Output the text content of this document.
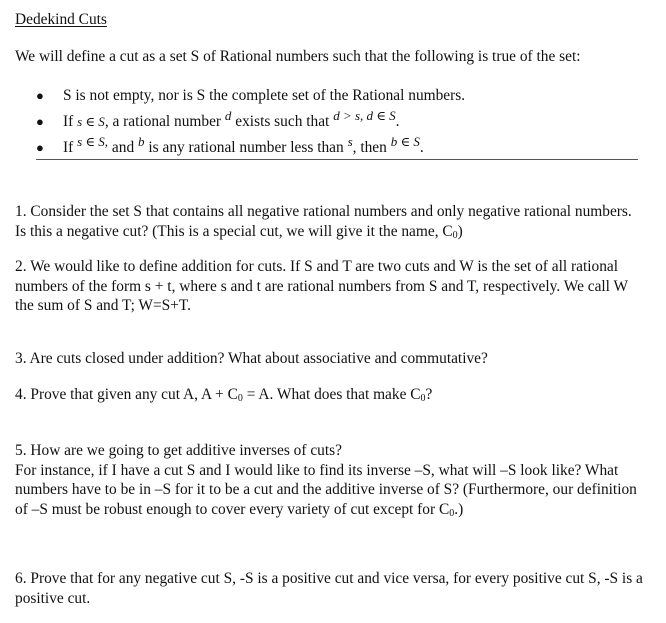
Dedekind Cuts
We will define a cut as a set S of Rational numbers such that the following is true of the set:
● S is not empty, nor is S the complete set of the Rational numbers.
● If s ∈ S, a rational number $^d$ exists such that $^{d > s, d \in S}$.
● If $^{s \in S,}$ and $^b$ is any rational number less than $^s$, then $^{b \in S}$.

1. Consider the set S that contains all negative rational numbers and only negative rational numbers. Is this a negative cut? (This is a special cut, we will give it the name, $C_0$)

2. We would like to define addition for cuts. If S and T are two cuts and W is the set of all rational numbers of the form s + t, where s and t are rational numbers from S and T, respectively. We call W the sum of S and T; W=S+T.

3. Are cuts closed under addition? What about associative and commutative?

4. Prove that given any cut A, $A + C_0 = A$. What does that make $C_0$?

5. How are we going to get additive inverses of cuts?

For instance, if I have a cut S and I would like to find its inverse –S, what will –S look like? What numbers have to be in –S for it to be a cut and the additive inverse of S? (Furthermore, our definition of –S must be robust enough to cover every variety of cut except for $C_0$.)

6. Prove that for any negative cut S, -S is a positive cut and vice versa, for every positive cut S, -S is a positive cut.
